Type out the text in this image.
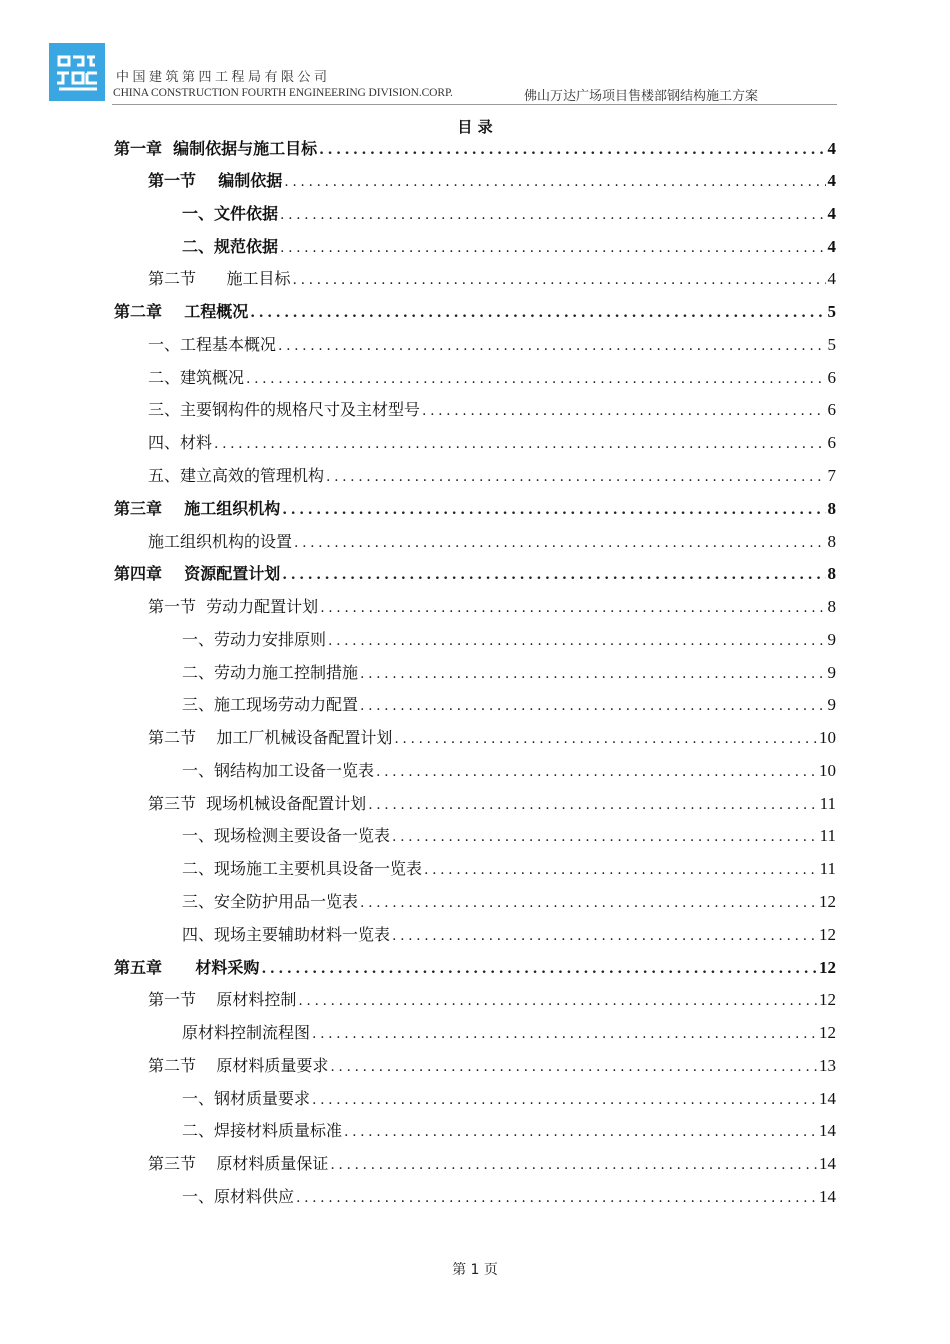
中国建筑第四工程局有限公司
CHINA CONSTRUCTION FOURTH ENGINEERING DIVISION.CORP.	佛山万达广场项目售楼部钢结构施工方案
目 录
第一章  编制依据与施工目标 .....	4
第一节    编制依据 .....	4
一、文件依据 .....	4
二、规范依据 .....	4
第二节      施工目标 .....	4
第二章    工程概况 .....	5
一、工程基本概况 .....	5
二、建筑概况 .....	6
三、主要钢构件的规格尺寸及主材型号 .....	6
四、材料 .....	6
五、建立高效的管理机构 .....	7
第三章    施工组织机构 .....	8
施工组织机构的设置 .....	8
第四章    资源配置计划 .....	8
第一节  劳动力配置计划 .....	8
一、劳动力安排原则 .....	9
二、劳动力施工控制措施 .....	9
三、施工现场劳动力配置 .....	9
第二节    加工厂机械设备配置计划 .....	10
一、钢结构加工设备一览表 .....	10
第三节  现场机械设备配置计划 .....	11
一、现场检测主要设备一览表 .....	11
二、现场施工主要机具设备一览表 .....	11
三、安全防护用品一览表 .....	12
四、现场主要辅助材料一览表 .....	12
第五章      材料采购 .....	12
第一节    原材料控制 .....	12
原材料控制流程图 .....	12
第二节    原材料质量要求 .....	13
一、钢材质量要求 .....	14
二、焊接材料质量标准 .....	14
第三节    原材料质量保证 .....	14
一、原材料供应 .....	14
第 1 页
